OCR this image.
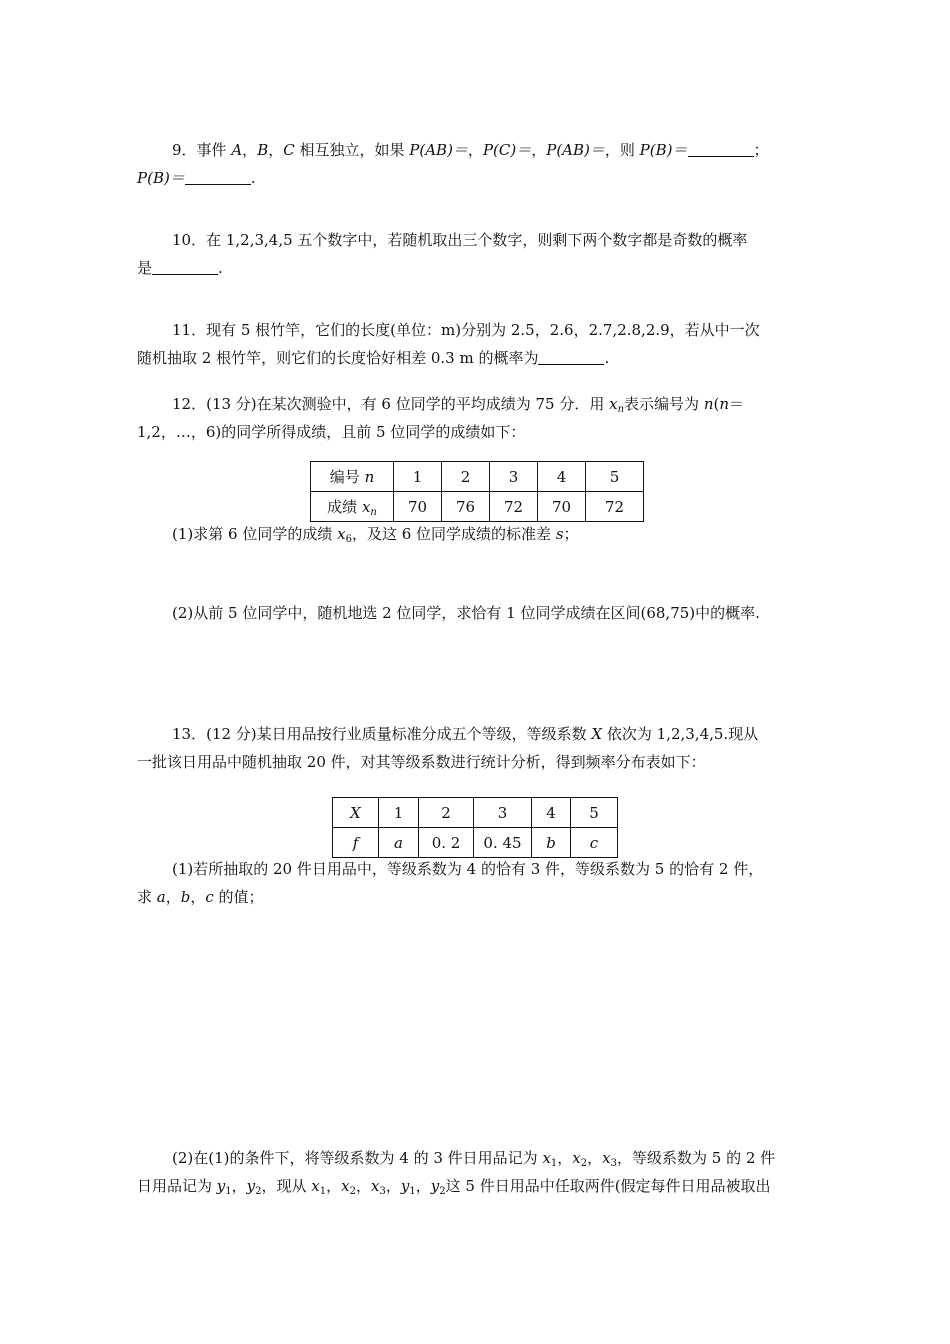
9．事件 A，B，C 相互独立，如果 P(AB)＝，P(C)＝，P(AB)＝，则 P(B)＝	；
P(B)＝	.
10．在 1,2,3,4,5 五个数字中，若随机取出三个数字，则剩下两个数字都是奇数的概率
是	.
11．现有 5 根竹竿，它们的长度(单位：m)分别为 2.5，2.6，2.7,2.8,2.9，若从中一次
随机抽取 2 根竹竿，则它们的长度恰好相差 0.3 m 的概率为	.
12．(13 分)在某次测验中，有 6 位同学的平均成绩为 75 分．用 $x_n$表示编号为 n(n＝
1,2，…，6)的同学所得成绩，且前 5 位同学的成绩如下：
编号 n	1	2	3	4	5
成绩 $x_n$	70	76	72	70	72
(1)求第 6 位同学的成绩 $x_6$，及这 6 位同学成绩的标准差 s；
(2)从前 5 位同学中，随机地选 2 位同学，求恰有 1 位同学成绩在区间(68,75)中的概率.
13．(12 分)某日用品按行业质量标准分成五个等级，等级系数 X 依次为 1,2,3,4,5.现从
一批该日用品中随机抽取 20 件，对其等级系数进行统计分析，得到频率分布表如下：
X	1	2	3	4	5
f	a	0. 2	0. 45	b	c
(1)若所抽取的 20 件日用品中，等级系数为 4 的恰有 3 件，等级系数为 5 的恰有 2 件，
求 a，b，c 的值；
(2)在(1)的条件下，将等级系数为 4 的 3 件日用品记为 $x_1$，$x_2$，$x_3$，等级系数为 5 的 2 件
日用品记为 $y_1$，$y_2$，现从 $x_1$，$x_2$，$x_3$，$y_1$，$y_2$这 5 件日用品中任取两件(假定每件日用品被取出
